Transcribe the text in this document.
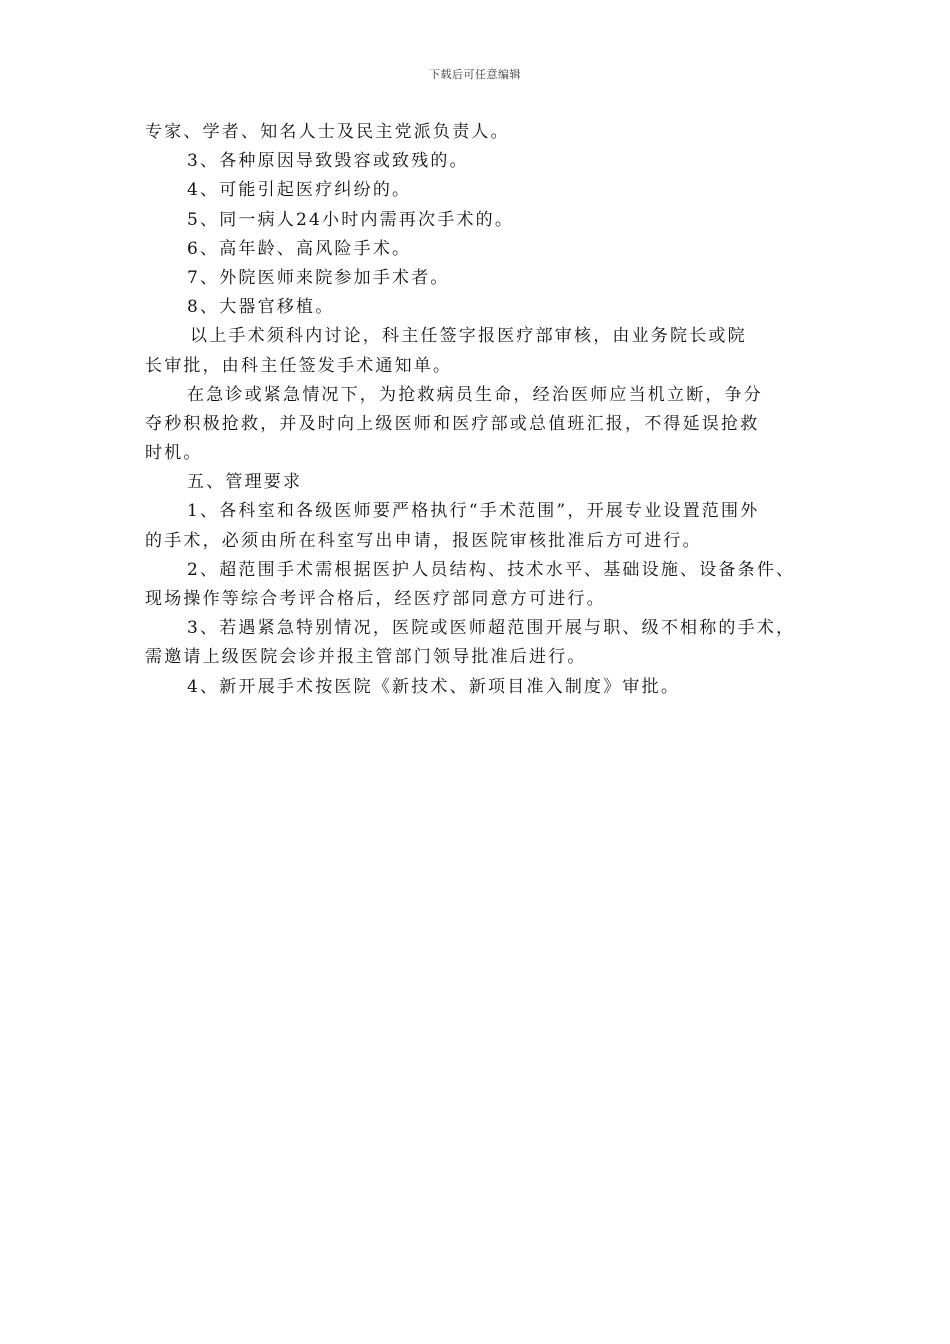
下载后可任意编辑
专家、学者、知名人士及民主党派负责人。
3、各种原因导致毁容或致残的。
4、可能引起医疗纠纷的。
5、同一病人24小时内需再次手术的。
6、高年龄、高风险手术。
7、外院医师来院参加手术者。
8、大器官移植。
以上手术须科内讨论，科主任签字报医疗部审核，由业务院长或院
长审批，由科主任签发手术通知单。
在急诊或紧急情况下，为抢救病员生命，经治医师应当机立断，争分
夺秒积极抢救，并及时向上级医师和医疗部或总值班汇报，不得延误抢救
时机。
五、管理要求
1、各科室和各级医师要严格执行“手术范围”，开展专业设置范围外
的手术，必须由所在科室写出申请，报医院审核批准后方可进行。
2、超范围手术需根据医护人员结构、技术水平、基础设施、设备条件、
现场操作等综合考评合格后，经医疗部同意方可进行。
3、若遇紧急特别情况，医院或医师超范围开展与职、级不相称的手术，
需邀请上级医院会诊并报主管部门领导批准后进行。
4、新开展手术按医院《新技术、新项目准入制度》审批。
